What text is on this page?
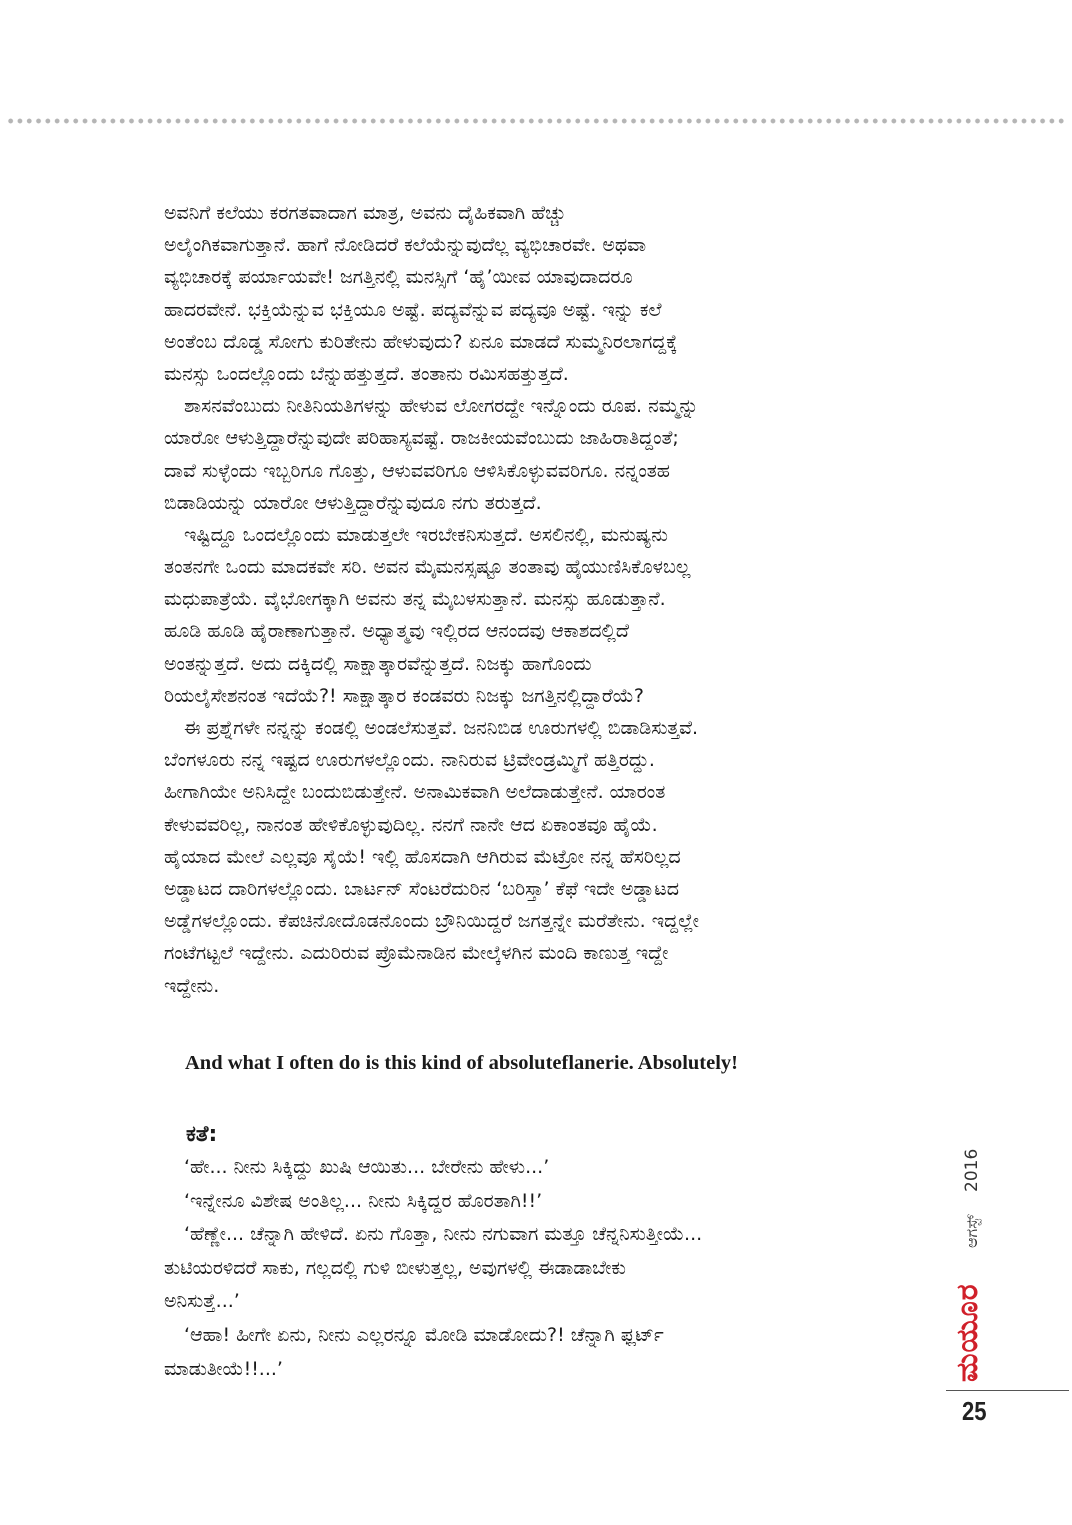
ಅವನಿಗೆ ಕಲೆಯು ಕರಗತವಾದಾಗ ಮಾತ್ರ, ಅವನು ದೈಹಿಕವಾಗಿ ಹೆಚ್ಚು
ಅಲೈಂಗಿಕವಾಗುತ್ತಾನೆ. ಹಾಗೆ ನೋಡಿದರೆ ಕಲೆಯೆನ್ನುವುದೆಲ್ಲ ವ್ಯಭಿಚಾರವೇ. ಅಥವಾ
ವ್ಯಭಿಚಾರಕ್ಕೆ ಪರ್ಯಾಯವೇ! ಜಗತ್ತಿನಲ್ಲಿ ಮನಸ್ಸಿಗೆ ‘ಹೈ’ಯೀವ ಯಾವುದಾದರೂ
ಹಾದರವೇನೆ. ಭಕ್ತಿಯೆನ್ನುವ ಭಕ್ತಿಯೂ ಅಷ್ಟೆ. ಪದ್ಯವೆನ್ನುವ ಪದ್ಯವೂ ಅಷ್ಟೆ. ಇನ್ನು ಕಲೆ
ಅಂತೆಂಬ ದೊಡ್ಡ ಸೋಗು ಕುರಿತೇನು ಹೇಳುವುದು? ಏನೂ ಮಾಡದೆ ಸುಮ್ಮನಿರಲಾಗದ್ದಕ್ಕೆ
ಮನಸ್ಸು ಒಂದಲ್ಲೊಂದು ಬೆನ್ನುಹತ್ತುತ್ತದೆ. ತಂತಾನು ರಮಿಸಹತ್ತುತ್ತದೆ.
ಶಾಸನವೆಂಬುದು ನೀತಿನಿಯತಿಗಳನ್ನು ಹೇಳುವ ಲೋಗರದ್ದೇ ಇನ್ನೊಂದು ರೂಪ. ನಮ್ಮನ್ನು
ಯಾರೋ ಆಳುತ್ತಿದ್ದಾರೆನ್ನುವುದೇ ಪರಿಹಾಸ್ಯವಷ್ಟೆ. ರಾಜಕೀಯವೆಂಬುದು ಜಾಹಿರಾತಿದ್ದಂತೆ;
ದಾವೆ ಸುಳ್ಳೆಂದು ಇಬ್ಬರಿಗೂ ಗೊತ್ತು, ಆಳುವವರಿಗೂ ಆಳಿಸಿಕೊಳ್ಳುವವರಿಗೂ. ನನ್ನಂತಹ
ಬಿಡಾಡಿಯನ್ನು ಯಾರೋ ಆಳುತ್ತಿದ್ದಾರೆನ್ನುವುದೂ ನಗು ತರುತ್ತದೆ.
ಇಷ್ಟಿದ್ದೂ ಒಂದಲ್ಲೊಂದು ಮಾಡುತ್ತಲೇ ಇರಬೇಕನಿಸುತ್ತದೆ. ಅಸಲಿನಲ್ಲಿ, ಮನುಷ್ಯನು
ತಂತನಗೇ ಒಂದು ಮಾದಕವೇ ಸರಿ. ಅವನ ಮೈಮನಸ್ಸಷ್ಟೂ ತಂತಾವು ಹೈಯುಣಿಸಿಕೊಳಬಲ್ಲ
ಮಧುಪಾತ್ರೆಯೆ. ವೈಭೋಗಕ್ಕಾಗಿ ಅವನು ತನ್ನ ಮೈಬಳಸುತ್ತಾನೆ. ಮನಸ್ಸು ಹೂಡುತ್ತಾನೆ.
ಹೂಡಿ ಹೂಡಿ ಹೈರಾಣಾಗುತ್ತಾನೆ. ಅಧ್ಯಾತ್ಮವು ಇಲ್ಲಿರದ ಆನಂದವು ಆಕಾಶದಲ್ಲಿದೆ
ಅಂತನ್ನುತ್ತದೆ. ಅದು ದಕ್ಕಿದಲ್ಲಿ ಸಾಕ್ಷಾತ್ಕಾರವೆನ್ನುತ್ತದೆ. ನಿಜಕ್ಕು ಹಾಗೊಂದು
ರಿಯಲೈಸೇಶನಂತ ಇದೆಯೆ?! ಸಾಕ್ಷಾತ್ಕಾರ ಕಂಡವರು ನಿಜಕ್ಕು ಜಗತ್ತಿನಲ್ಲಿದ್ದಾರೆಯೆ?
ಈ ಪ್ರಶ್ನೆಗಳೇ ನನ್ನನ್ನು ಕಂಡಲ್ಲಿ ಅಂಡಲೆಸುತ್ತವೆ. ಜನನಿಬಿಡ ಊರುಗಳಲ್ಲಿ ಬಿಡಾಡಿಸುತ್ತವೆ.
ಬೆಂಗಳೂರು ನನ್ನ ಇಷ್ಟದ ಊರುಗಳಲ್ಲೊಂದು. ನಾನಿರುವ ಟ್ರಿವೇಂಡ್ರಮ್ಮಿಗೆ ಹತ್ತಿರದ್ದು.
ಹೀಗಾಗಿಯೇ ಅನಿಸಿದ್ದೇ ಬಂದುಬಿಡುತ್ತೇನೆ. ಅನಾಮಿಕವಾಗಿ ಅಲೆದಾಡುತ್ತೇನೆ. ಯಾರಂತ
ಕೇಳುವವರಿಲ್ಲ, ನಾನಂತ ಹೇಳಿಕೊಳ್ಳುವುದಿಲ್ಲ. ನನಗೆ ನಾನೇ ಆದ ಏಕಾಂತವೂ ಹೈಯೆ.
ಹೈಯಾದ ಮೇಲೆ ಎಲ್ಲವೂ ಸೈಯೆ! ಇಲ್ಲಿ ಹೊಸದಾಗಿ ಆಗಿರುವ ಮೆಟ್ರೋ ನನ್ನ ಹೆಸರಿಲ್ಲದ
ಅಡ್ಡಾಟದ ದಾರಿಗಳಲ್ಲೊಂದು. ಬಾರ್ಟನ್ ಸೆಂಟರೆದುರಿನ ‘ಬರಿಸ್ತಾ’ ಕೆಫೆ ಇದೇ ಅಡ್ಡಾಟದ
ಅಡ್ಡೆಗಳಲ್ಲೊಂದು. ಕೆಪಚಿನೋದೊಡನೊಂದು ಬ್ರೌನಿಯಿದ್ದರೆ ಜಗತ್ತನ್ನೇ ಮರೆತೇನು. ಇದ್ದಲ್ಲೇ
ಗಂಟೆಗಟ್ಟಲೆ ಇದ್ದೇನು. ಎದುರಿರುವ ಪ್ರೊಮೆನಾಡಿನ ಮೇಲ್ಕೆಳಗಿನ ಮಂದಿ ಕಾಣುತ್ತ ಇದ್ದೇ
ಇದ್ದೇನು.
And what I often do is this kind of absoluteflanerie. Absolutely!
ಕತೆ:
‘ಹೇ... ನೀನು ಸಿಕ್ಕಿದ್ದು ಖುಷಿ ಆಯಿತು... ಬೇರೇನು ಹೇಳು...’
‘ಇನ್ನೇನೂ ವಿಶೇಷ ಅಂತಿಲ್ಲ... ನೀನು ಸಿಕ್ಕಿದ್ದರ ಹೊರತಾಗಿ!!’
‘ಹೆಣ್ಣೇ... ಚೆನ್ನಾಗಿ ಹೇಳಿದೆ. ಏನು ಗೊತ್ತಾ, ನೀನು ನಗುವಾಗ ಮತ್ತೂ ಚೆನ್ನನಿಸುತ್ತೀಯೆ...
ತುಟಿಯರಳಿದರೆ ಸಾಕು, ಗಲ್ಲದಲ್ಲಿ ಗುಳಿ ಬೀಳುತ್ತಲ್ಲ, ಅವುಗಳಲ್ಲಿ ಈಡಾಡಾಬೇಕು
ಅನಿಸುತ್ತೆ...’
‘ಆಹಾ! ಹೀಗೇ ಏನು, ನೀನು ಎಲ್ಲರನ್ನೂ ಮೋಡಿ ಮಾಡೋದು?! ಚೆನ್ನಾಗಿ ಫ್ಲರ್ಟ್
ಮಾಡುತೀಯೆ!!...’
2016
ಆಗಸ್ಟ್
ಮಯೂರ
25
